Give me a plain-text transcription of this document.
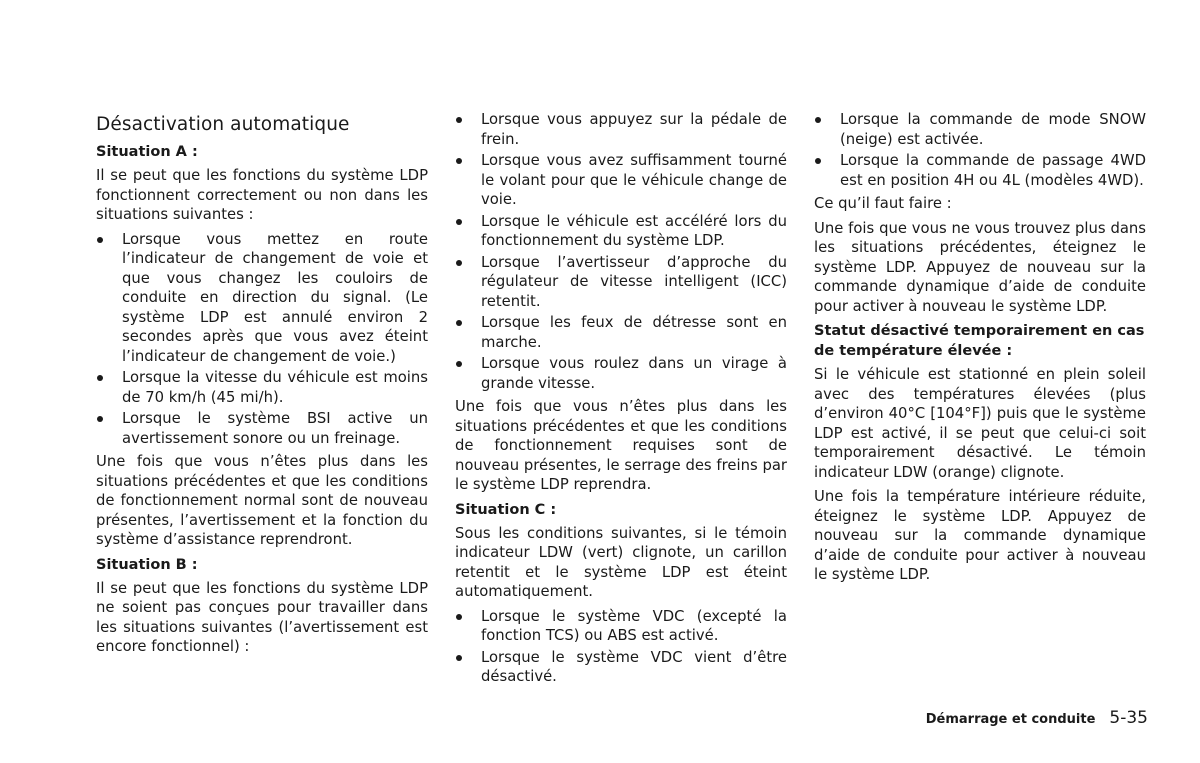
Désactivation automatique
Situation A :

Il se peut que les fonctions du système LDP fonctionnent correctement ou non dans les situations suivantes :

Lorsque vous mettez en route l’indicateur de changement de voie et que vous changez les couloirs de conduite en direction du signal. (Le système LDP est annulé environ 2 secondes après que vous avez éteint l’indicateur de changement de voie.)
Lorsque la vitesse du véhicule est moins de 70 km/h (45 mi/h).
Lorsque le système BSI active un avertissement sonore ou un freinage.

Une fois que vous n’êtes plus dans les situations précédentes et que les conditions de fonctionnement normal sont de nouveau présentes, l’avertissement et la fonction du système d’assistance reprendront.

Situation B :

Il se peut que les fonctions du système LDP ne soient pas conçues pour travailler dans les situations suivantes (l’avertissement est encore fonctionnel) :

Lorsque vous appuyez sur la pédale de frein.
Lorsque vous avez suffisamment tourné le volant pour que le véhicule change de voie.
Lorsque le véhicule est accéléré lors du fonctionnement du système LDP.
Lorsque l’avertisseur d’approche du régulateur de vitesse intelligent (ICC) retentit.
Lorsque les feux de détresse sont en marche.
Lorsque vous roulez dans un virage à grande vitesse.

Une fois que vous n’êtes plus dans les situations précédentes et que les conditions de fonctionnement requises sont de nouveau présentes, le serrage des freins par le système LDP reprendra.

Situation C :

Sous les conditions suivantes, si le témoin indicateur LDW (vert) clignote, un carillon retentit et le système LDP est éteint automatiquement.

Lorsque le système VDC (excepté la fonction TCS) ou ABS est activé.
Lorsque le système VDC vient d’être désactivé.
Lorsque la commande de mode SNOW (neige) est activée.
Lorsque la commande de passage 4WD est en position 4H ou 4L (modèles 4WD).

Ce qu’il faut faire :

Une fois que vous ne vous trouvez plus dans les situations précédentes, éteignez le système LDP. Appuyez de nouveau sur la commande dynamique d’aide de conduite pour activer à nouveau le système LDP.

Statut désactivé temporairement en cas de température élevée :

Si le véhicule est stationné en plein soleil avec des températures élevées (plus d’environ 40°C [104°F]) puis que le système LDP est activé, il se peut que celui-ci soit temporairement désactivé. Le témoin indicateur LDW (orange) clignote.

Une fois la température intérieure réduite, éteignez le système LDP. Appuyez de nouveau sur la commande dynamique d’aide de conduite pour activer à nouveau le système LDP.

Démarrage et conduite 5-35
